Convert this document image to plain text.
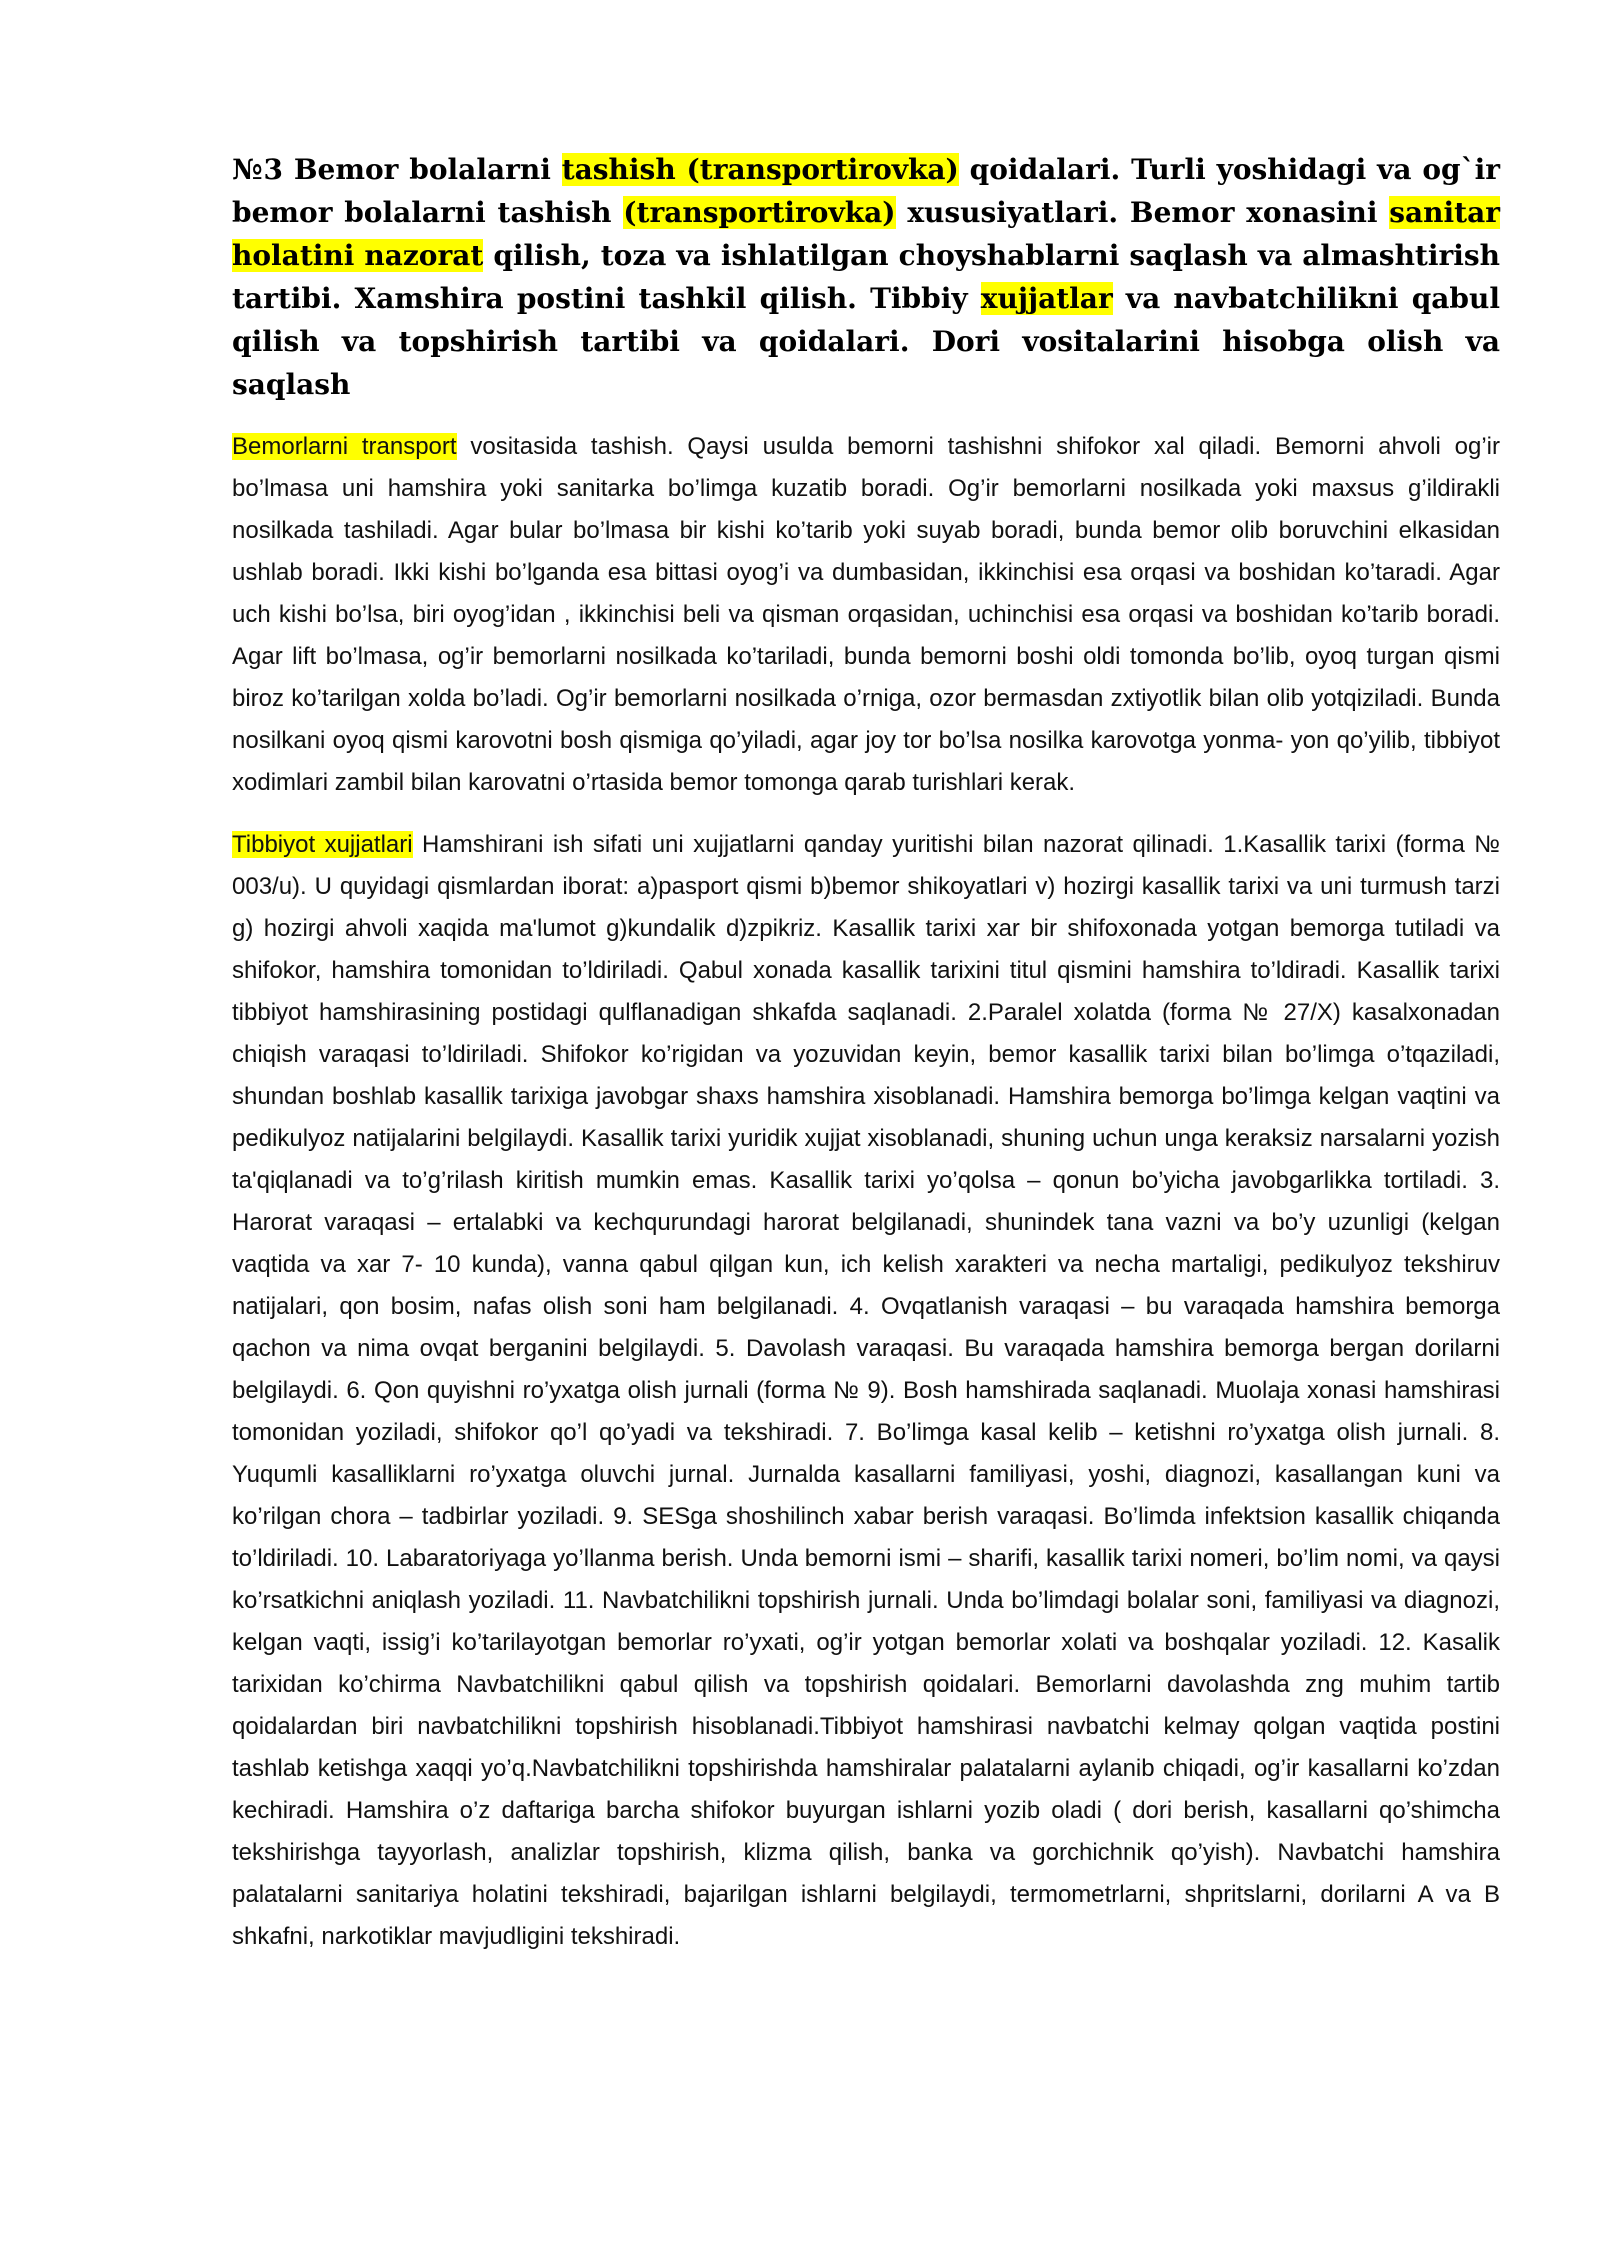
№3 Bemor bolalarni tashish (transportirovka) qoidalari. Turli yoshidagi va og`ir bemor bolalarni tashish (transportirovka) xususiyatlari. Bemor xonasini sanitar holatini nazorat qilish, toza va ishlatilgan choyshablarni saqlash va almashtirish tartibi. Xamshira postini tashkil qilish. Tibbiy xujjatlar va navbatchilikni qabul qilish va topshirish tartibi va qoidalari. Dori vositalarini hisobga olish va saqlash

Bemorlarni transport vositasida tashish. Qaysi usulda bemorni tashishni shifokor xal qiladi. Bemorni ahvoli og’ir bo’lmasa uni hamshira yoki sanitarka bo’limga kuzatib boradi. Og’ir bemorlarni nosilkada yoki maxsus g’ildirakli nosilkada tashiladi. Agar bular bo’lmasa bir kishi ko’tarib yoki suyab boradi, bunda bemor olib boruvchini elkasidan ushlab boradi. Ikki kishi bo’lganda esa bittasi oyog’i va dumbasidan, ikkinchisi esa orqasi va boshidan ko’taradi. Agar uch kishi bo’lsa, biri oyog’idan , ikkinchisi beli va qisman orqasidan, uchinchisi esa orqasi va boshidan ko’tarib boradi. Agar lift bo’lmasa, og’ir bemorlarni nosilkada ko’tariladi, bunda bemorni boshi oldi tomonda bo’lib, oyoq turgan qismi biroz ko’tarilgan xolda bo’ladi. Og’ir bemorlarni nosilkada o’rniga, ozor bermasdan zxtiyotlik bilan olib yotqiziladi. Bunda nosilkani oyoq qismi karovotni bosh qismiga qo’yiladi, agar joy tor bo’lsa nosilka karovotga yonma- yon qo’yilib, tibbiyot xodimlari zambil bilan karovatni o’rtasida bemor tomonga qarab turishlari kerak.

Tibbiyot xujjatlari Hamshirani ish sifati uni xujjatlarni qanday yuritishi bilan nazorat qilinadi. 1.Kasallik tarixi (forma № 003/u). U quyidagi qismlardan iborat: a)pasport qismi b)bemor shikoyatlari v) hozirgi kasallik tarixi va uni turmush tarzi g) hozirgi ahvoli xaqida ma'lumot g)kundalik d)zpikriz. Kasallik tarixi xar bir shifoxonada yotgan bemorga tutiladi va shifokor, hamshira tomonidan to’ldiriladi. Qabul xonada kasallik tarixini titul qismini hamshira to’ldiradi. Kasallik tarixi tibbiyot hamshirasining postidagi qulflanadigan shkafda saqlanadi. 2.Paralel xolatda (forma № 27/X) kasalxonadan chiqish varaqasi to’ldiriladi. Shifokor ko’rigidan va yozuvidan keyin, bemor kasallik tarixi bilan bo’limga o’tqaziladi, shundan boshlab kasallik tarixiga javobgar shaxs hamshira xisoblanadi. Hamshira bemorga bo’limga kelgan vaqtini va pedikulyoz natijalarini belgilaydi. Kasallik tarixi yuridik xujjat xisoblanadi, shuning uchun unga keraksiz narsalarni yozish ta'qiqlanadi va to’g’rilash kiritish mumkin emas. Kasallik tarixi yo’qolsa – qonun bo’yicha javobgarlikka tortiladi. 3. Harorat varaqasi – ertalabki va kechqurundagi harorat belgilanadi, shunindek tana vazni va bo’y uzunligi (kelgan vaqtida va xar 7- 10 kunda), vanna qabul qilgan kun, ich kelish xarakteri va necha martaligi, pedikulyoz tekshiruv natijalari, qon bosim, nafas olish soni ham belgilanadi. 4. Ovqatlanish varaqasi – bu varaqada hamshira bemorga qachon va nima ovqat berganini belgilaydi. 5. Davolash varaqasi. Bu varaqada hamshira bemorga bergan dorilarni belgilaydi. 6. Qon quyishni ro’yxatga olish jurnali (forma № 9). Bosh hamshirada saqlanadi. Muolaja xonasi hamshirasi tomonidan yoziladi, shifokor qo’l qo’yadi va tekshiradi. 7. Bo’limga kasal kelib – ketishni ro’yxatga olish jurnali. 8. Yuqumli kasalliklarni ro’yxatga oluvchi jurnal. Jurnalda kasallarni familiyasi, yoshi, diagnozi, kasallangan kuni va ko’rilgan chora – tadbirlar yoziladi. 9. SESga shoshilinch xabar berish varaqasi. Bo’limda infektsion kasallik chiqanda to’ldiriladi. 10. Labaratoriyaga yo’llanma berish. Unda bemorni ismi – sharifi, kasallik tarixi nomeri, bo’lim nomi, va qaysi ko’rsatkichni aniqlash yoziladi. 11. Navbatchilikni topshirish jurnali. Unda bo’limdagi bolalar soni, familiyasi va diagnozi, kelgan vaqti, issig’i ko’tarilayotgan bemorlar ro’yxati, og’ir yotgan bemorlar xolati va boshqalar yoziladi. 12. Kasalik tarixidan ko’chirma Navbatchilikni qabul qilish va topshirish qoidalari. Bemorlarni davolashda zng muhim tartib qoidalardan biri navbatchilikni topshirish hisoblanadi.Tibbiyot hamshirasi navbatchi kelmay qolgan vaqtida postini tashlab ketishga xaqqi yo’q.Navbatchilikni topshirishda hamshiralar palatalarni aylanib chiqadi, og’ir kasallarni ko’zdan kechiradi. Hamshira o’z daftariga barcha shifokor buyurgan ishlarni yozib oladi ( dori berish, kasallarni qo’shimcha tekshirishga tayyorlash, analizlar topshirish, klizma qilish, banka va gorchichnik qo’yish). Navbatchi hamshira palatalarni sanitariya holatini tekshiradi, bajarilgan ishlarni belgilaydi, termometrlarni, shpritslarni, dorilarni A va B shkafni, narkotiklar mavjudligini tekshiradi.
